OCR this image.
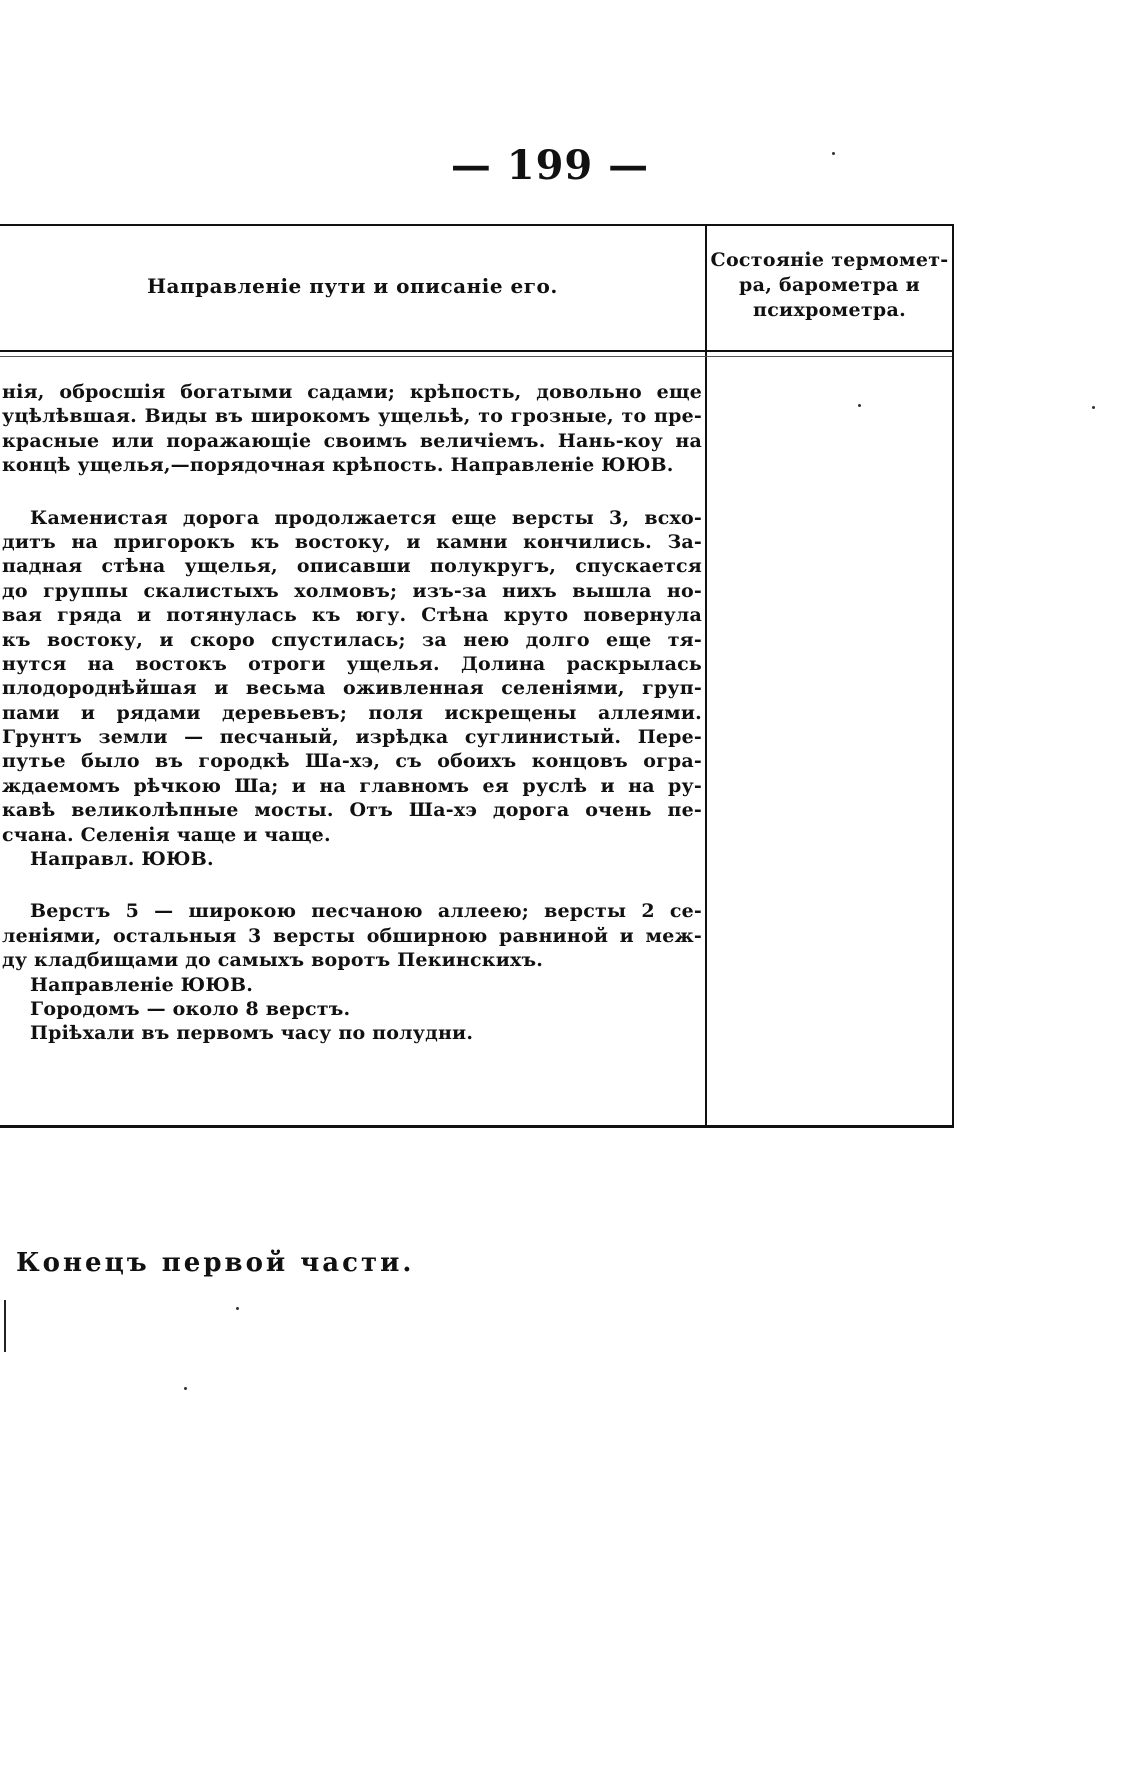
— 199 —
Направленіе пути и описаніе его.
Состояніе термомет-
ра, барометра и
психрометра.
нія, обросшія богатыми садами; крѣпость, довольно еще
уцѣлѣвшая. Виды въ широкомъ ущельѣ, то грозные, то пре-
красные или поражающіе своимъ величіемъ. Нань-коу на
концѣ ущелья,—порядочная крѣпость. Направленіе ЮЮВ.
Каменистая дорога продолжается еще версты 3, всхо-
дитъ на пригорокъ къ востоку, и камни кончились. За-
падная стѣна ущелья, описавши полукругъ, спускается
до группы скалистыхъ холмовъ; изъ-за нихъ вышла но-
вая гряда и потянулась къ югу. Стѣна круто повернула
къ востоку, и скоро спустилась; за нею долго еще тя-
нутся на востокъ отроги ущелья. Долина раскрылась
плодороднѣйшая и весьма оживленная селеніями, груп-
пами и рядами деревьевъ; поля искрещены аллеями.
Грунтъ земли — песчаный, изрѣдка суглинистый. Пере-
путье было въ городкѣ Ша-хэ, съ обоихъ концовъ огра-
ждаемомъ рѣчкою Ша; и на главномъ ея руслѣ и на ру-
кавѣ великолѣпные мосты. Отъ Ша-хэ дорога очень пе-
счана. Селенія чаще и чаще.
Направл. ЮЮВ.
Верстъ 5 — широкою песчаною аллеею; версты 2 се-
леніями, остальныя 3 версты обширною равниной и меж-
ду кладбищами до самыхъ воротъ Пекинскихъ.
Направленіе ЮЮВ.
Городомъ — около 8 верстъ.
Пріѣхали въ первомъ часу по полудни.
Конецъ первой части.
